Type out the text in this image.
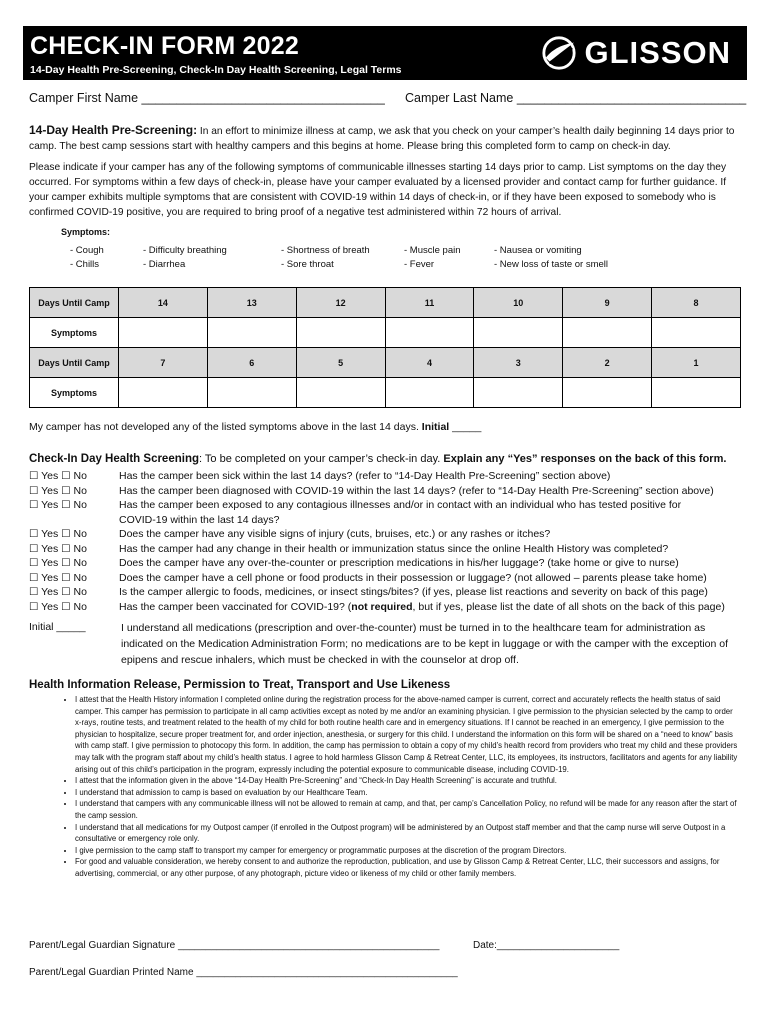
CHECK-IN FORM 2022
14-Day Health Pre-Screening, Check-In Day Health Screening, Legal Terms	GLISSON
Camper First Name ___________________________________ Camper Last Name _________________________________
14-Day Health Pre-Screening: In an effort to minimize illness at camp, we ask that you check on your camper’s health daily beginning 14 days prior to camp. The best camp sessions start with healthy campers and this begins at home. Please bring this completed form to camp on check-in day.
Please indicate if your camper has any of the following symptoms of communicable illnesses starting 14 days prior to camp. List symptoms on the day they occurred. For symptoms within a few days of check-in, please have your camper evaluated by a licensed provider and contact camp for further guidance. If your camper exhibits multiple symptoms that are consistent with COVID-19 within 14 days of check-in, or if they have been exposed to somebody who is confirmed COVID-19 positive, you are required to bring proof of a negative test administered within 72 hours of arrival.
Symptoms:
- Cough
- Chills
- Difficulty breathing
- Diarrhea
- Shortness of breath
- Sore throat
- Muscle pain
- Fever
- Nausea or vomiting
- New loss of taste or smell
Days Until Camp	14	13	12	11	10	9	8
Symptoms							
Days Until Camp	7	6	5	4	3	2	1
Symptoms							
My camper has not developed any of the listed symptoms above in the last 14 days. Initial _____
Check-In Day Health Screening: To be completed on your camper’s check-in day. Explain any “Yes” responses on the back of this form.
☐ Yes ☐ No	Has the camper been sick within the last 14 days? (refer to “14-Day Health Pre-Screening” section above)
☐ Yes ☐ No	Has the camper been diagnosed with COVID-19 within the last 14 days? (refer to “14-Day Health Pre-Screening” section above)
☐ Yes ☐ No	Has the camper been exposed to any contagious illnesses and/or in contact with an individual who has tested positive for COVID-19 within the last 14 days?
☐ Yes ☐ No	Does the camper have any visible signs of injury (cuts, bruises, etc.) or any rashes or itches?
☐ Yes ☐ No	Has the camper had any change in their health or immunization status since the online Health History was completed?
☐ Yes ☐ No	Does the camper have any over-the-counter or prescription medications in his/her luggage? (take home or give to nurse)
☐ Yes ☐ No	Does the camper have a cell phone or food products in their possession or luggage? (not allowed – parents please take home)
☐ Yes ☐ No	Is the camper allergic to foods, medicines, or insect stings/bites? (if yes, please list reactions and severity on back of this page)
☐ Yes ☐ No	Has the camper been vaccinated for COVID-19? (not required, but if yes, please list the date of all shots on the back of this page)
Initial _____	I understand all medications (prescription and over-the-counter) must be turned in to the healthcare team for administration as indicated on the Medication Administration Form; no medications are to be kept in luggage or with the camper with the exception of epipens and rescue inhalers, which must be checked in with the counselor at drop off.
Health Information Release, Permission to Treat, Transport and Use Likeness
• I attest that the Health History information I completed online during the registration process for the above-named camper is current, correct and accurately reflects the health status of said camper. This camper has permission to participate in all camp activities except as noted by me and/or an examining physician. I give permission to the physician selected by the camp to order x-rays, routine tests, and treatment related to the health of my child for both routine health care and in emergency situations. If I cannot be reached in an emergency, I give permission to the physician to hospitalize, secure proper treatment for, and order injection, anesthesia, or surgery for this child. I understand the information on this form will be shared on a “need to know” basis with camp staff. I give permission to photocopy this form. In addition, the camp has permission to obtain a copy of my child’s health record from providers who treat my child and these providers may talk with the program staff about my child’s health status. I agree to hold harmless Glisson Camp & Retreat Center, LLC, its employees, its instructors, facilitators and agents for any liability arising out of this child’s participation in the program, expressly including the potential exposure to communicable disease, including COVID-19.
• I attest that the information given in the above “14-Day Health Pre-Screening” and “Check-In Day Health Screening” is accurate and truthful.
• I understand that admission to camp is based on evaluation by our Healthcare Team.
• I understand that campers with any communicable illness will not be allowed to remain at camp, and that, per camp’s Cancellation Policy, no refund will be made for any reason after the start of the camp session.
• I understand that all medications for my Outpost camper (if enrolled in the Outpost program) will be administered by an Outpost staff member and that the camp nurse will serve Outpost in a consultative or emergency role only.
• I give permission to the camp staff to transport my camper for emergency or programmatic purposes at the discretion of the program Directors.
• For good and valuable consideration, we hereby consent to and authorize the reproduction, publication, and use by Glisson Camp & Retreat Center, LLC, their successors and assigns, for advertising, commercial, or any other purpose, of any photograph, picture video or likeness of my child or other family members.
Parent/Legal Guardian Signature _______________________________________________	Date:______________________
Parent/Legal Guardian Printed Name _______________________________________________
